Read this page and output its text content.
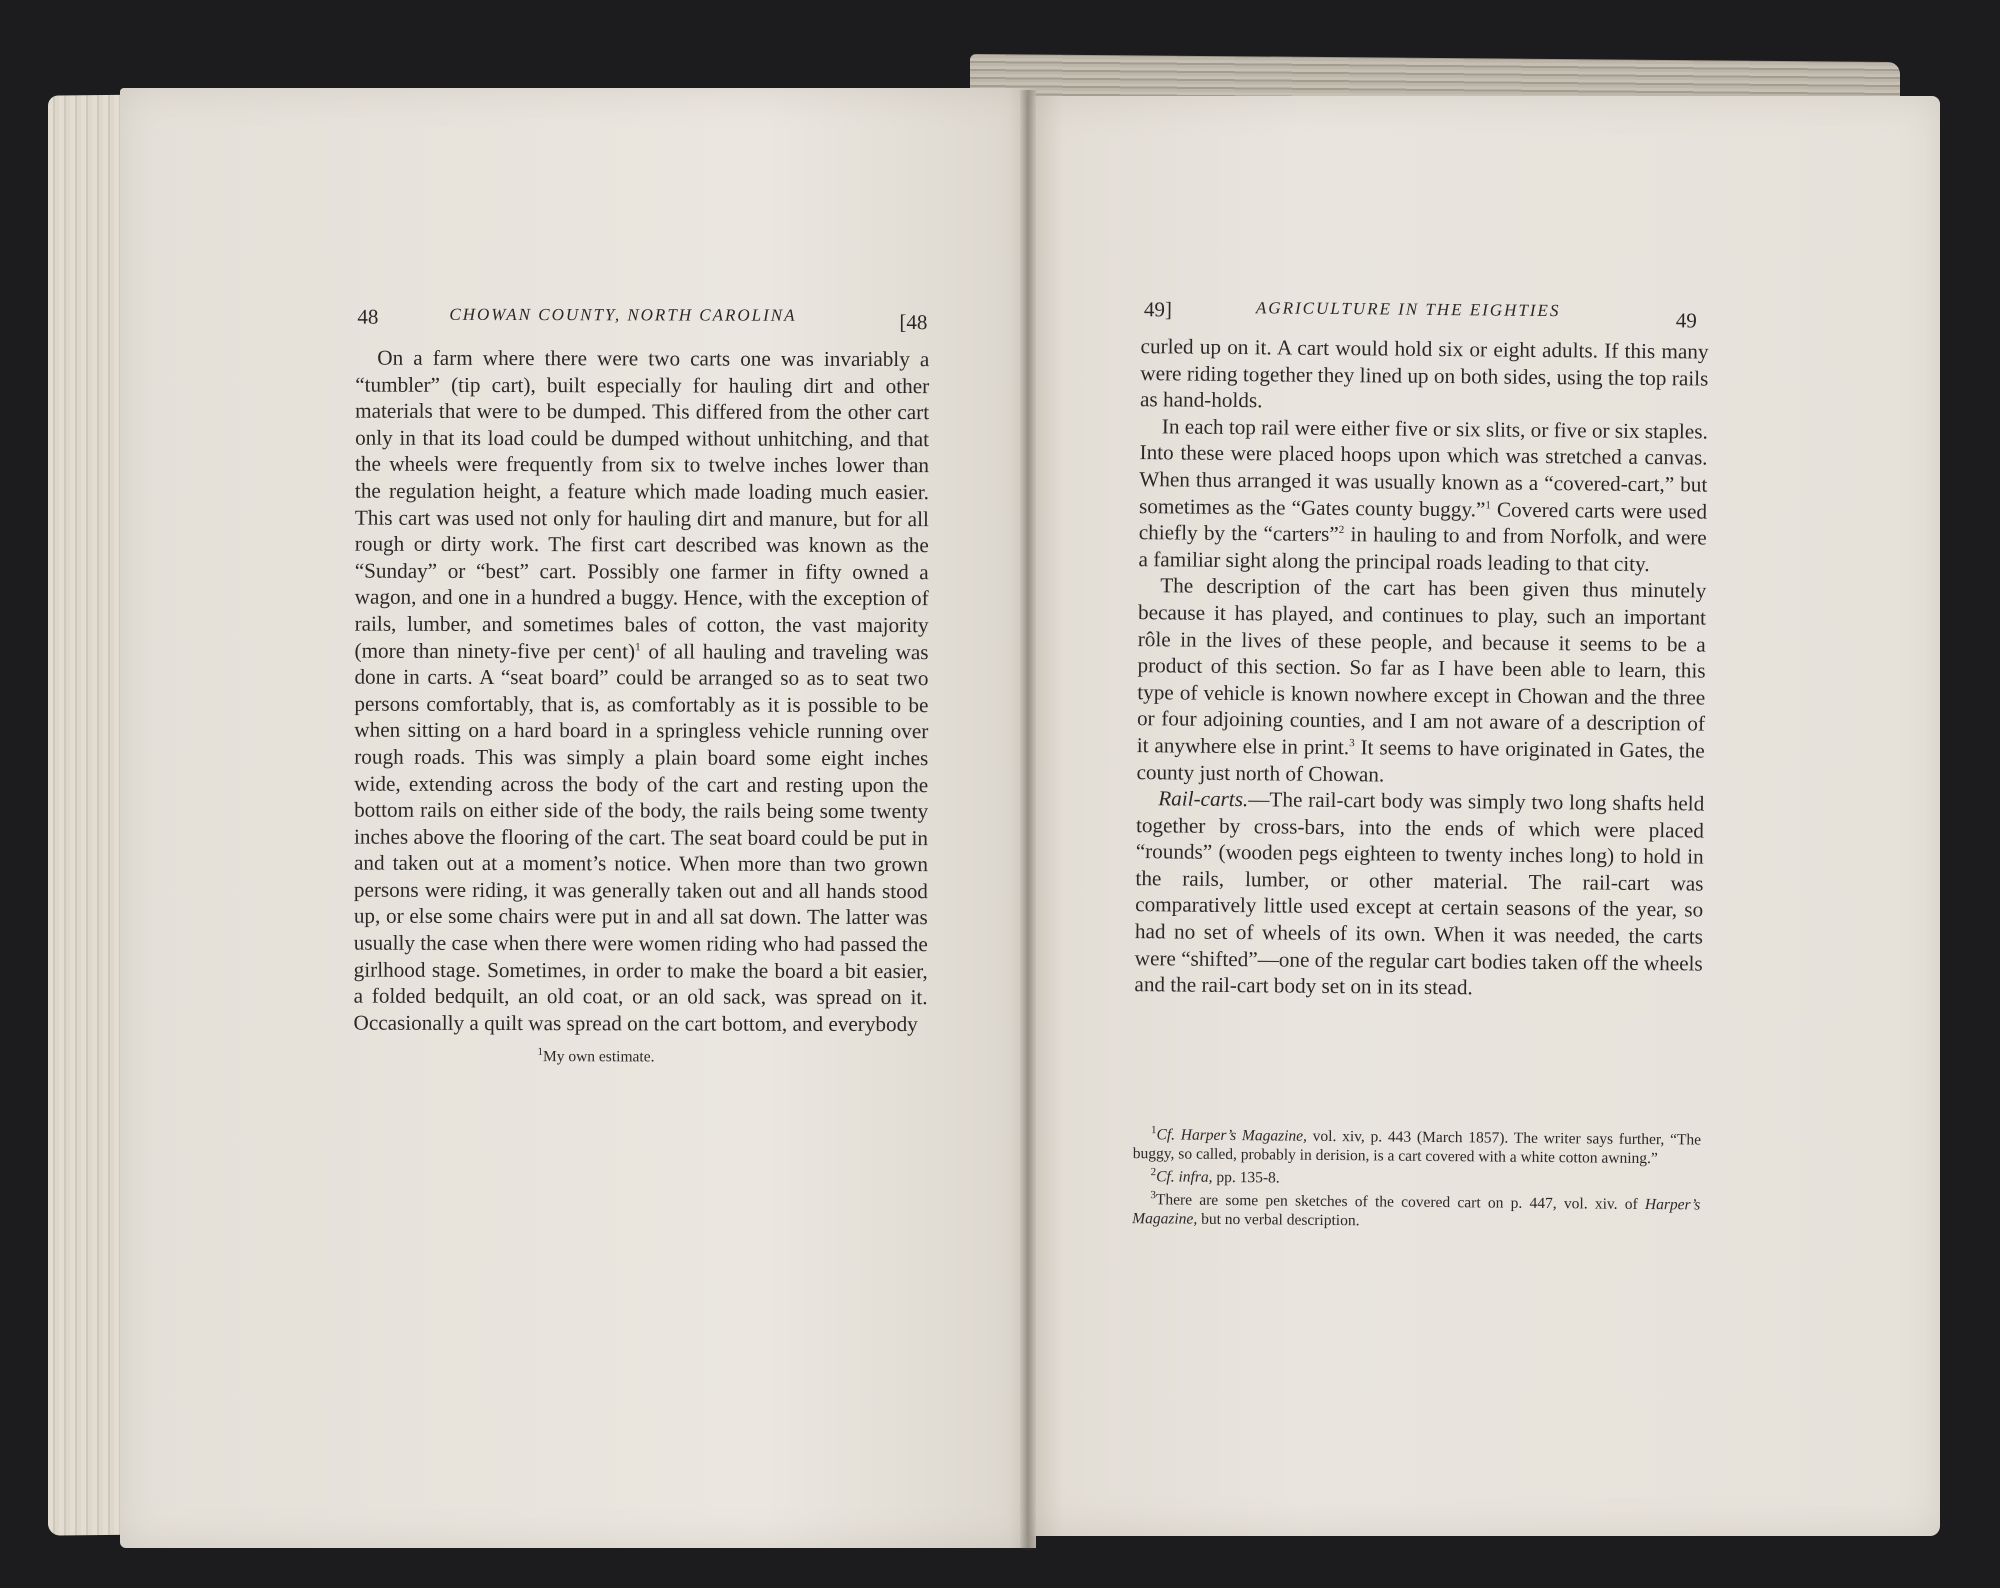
48	CHOWAN COUNTY, NORTH CAROLINA	[48

On a farm where there were two carts one was invariably a “tumbler” (tip cart), built especially for hauling dirt and other materials that were to be dumped. This differed from the other cart only in that its load could be dumped without unhitching, and that the wheels were frequently from six to twelve inches lower than the regulation height, a feature which made loading much easier. This cart was used not only for hauling dirt and manure, but for all rough or dirty work. The first cart described was known as the “Sunday” or “best” cart. Possibly one farmer in fifty owned a wagon, and one in a hundred a buggy. Hence, with the exception of rails, lumber, and sometimes bales of cotton, the vast majority (more than ninety-five per cent)$^1$ of all hauling and traveling was done in carts. A “seat board” could be arranged so as to seat two persons comfortably, that is, as comfortably as it is possible to be when sitting on a hard board in a springless vehicle running over rough roads. This was simply a plain board some eight inches wide, extending across the body of the cart and resting upon the bottom rails on either side of the body, the rails being some twenty inches above the flooring of the cart. The seat board could be put in and taken out at a moment’s notice. When more than two grown persons were riding, it was generally taken out and all hands stood up, or else some chairs were put in and all sat down. The latter was usually the case when there were women riding who had passed the girlhood stage. Sometimes, in order to make the board a bit easier, a folded bedquilt, an old coat, or an old sack, was spread on it. Occasionally a quilt was spread on the cart bottom, and everybody

$^1$My own estimate.

49]	AGRICULTURE IN THE EIGHTIES	49

curled up on it. A cart would hold six or eight adults. If this many were riding together they lined up on both sides, using the top rails as hand-holds.

In each top rail were either five or six slits, or five or six staples. Into these were placed hoops upon which was stretched a canvas. When thus arranged it was usually known as a “covered-cart,” but sometimes as the “Gates county buggy.”$^1$ Covered carts were used chiefly by the “carters”$^2$ in hauling to and from Norfolk, and were a familiar sight along the principal roads leading to that city.

The description of the cart has been given thus minutely because it has played, and continues to play, such an important rôle in the lives of these people, and because it seems to be a product of this section. So far as I have been able to learn, this type of vehicle is known nowhere except in Chowan and the three or four adjoining counties, and I am not aware of a description of it anywhere else in print.$^3$ It seems to have originated in Gates, the county just north of Chowan.

Rail-carts.—The rail-cart body was simply two long shafts held together by cross-bars, into the ends of which were placed “rounds” (wooden pegs eighteen to twenty inches long) to hold in the rails, lumber, or other material. The rail-cart was comparatively little used except at certain seasons of the year, so had no set of wheels of its own. When it was needed, the carts were “shifted”—one of the regular cart bodies taken off the wheels and the rail-cart body set on in its stead.

$^1$Cf. Harper’s Magazine, vol. xiv, p. 443 (March 1857). The writer says further, “The buggy, so called, probably in derision, is a cart covered with a white cotton awning.”

$^2$Cf. infra, pp. 135-8.

$^3$There are some pen sketches of the covered cart on p. 447, vol. xiv. of Harper’s Magazine, but no verbal description.
